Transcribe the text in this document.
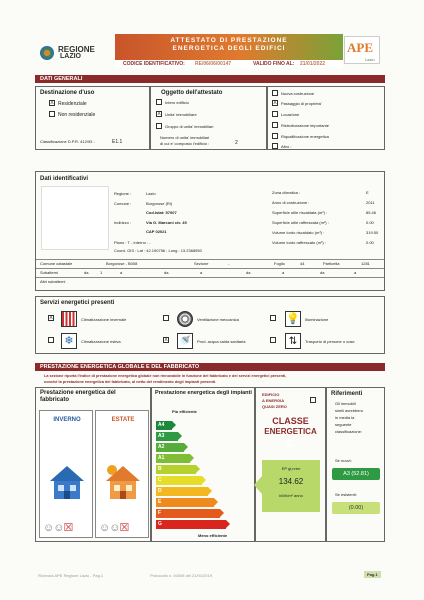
REGIONE
LAZIO
ATTESTATO DI PRESTAZIONE
ENERGETICA DEGLI EDIFICI
CODICE IDENTIFICATIVO: RE/06/06/00147	VALIDO FINO AL: 21/01/2022
APE
Lazio
DATI GENERALI
Destinazione d'uso
X Residenziale
Non residenziale
Classificazione D.P.R. 412/93 :	E1.1
Oggetto dell'attestato
Intero edificio
X	Unita' immobiliare
Gruppo di unita' immobiliari
Numero di unita' immobiliari
di cui e' composto l'edificio :	2
Nuova costruzione
X	Passaggio di proprieta'
Locazione
Ristrutturazione importante
Riqualificazione energetica
Altro :
Dati identificativi
Regione :	Lazio
Comune :	Borgorose (RI)
Cod.Istat: 57007
Indirizzo :	Via G. Marconi civ. 49
CAP 02021
Piano : T - Interno : -
Coord. GIS : Lat : 42.190756 ; Long : 13.2368950
Zona climatica :	E
Anno di costruzione :	2011
Superficie utile riscaldata (m²) :	85.46
Superficie utile raffrescata (m²) :	0.00
Volume lordo riscaldato (m³) :	319.50
Volume lordo raffrescato (m³) :	0.00
Comune catastale	Borgorose - B008	Sezione	-	Foglio	44	Particella	1281
Subalterni	da	1	a	da	a	da	a	da	a
Altri subalterni
Servizi energetici presenti
X	Climatizzazione invernale	Ventilazione meccanica	💡 Illuminazione
❄	Climatizzazione estiva	X 🚿	Prod. acqua calda sanitaria	⇅	Trasporto di persone o cose
PRESTAZIONE ENERGETICA GLOBALE E DEL FABBRICATO
La sezione riporta l'indice di prestazione energetica globale non rinnovabile in funzione del fabbricato e dei servizi energetici presenti,
nonchè la prestazione energetica del fabbricato, al netto del rendimento degli impianti presenti.
Prestazione energetica del
fabbricato
INVERNO
☺☺☒
ESTATE
☺☺☒
Prestazione energetica degli impianti
Più efficiente
A4
A3
A2
A1
B
C
D
E
F
G
Meno efficiente
EDIFICIO
A ENERGIA
QUASI ZERO
CLASSE
ENERGETICA
C
EP gl,nren
134.62
kWh/m² anno
Riferimenti
Gli immobili
simili avrebbero
in media la
seguente
classificazione:
Se nuovi:
A3 (52.81)
Se esistenti:
(0.00)
Ricevuta APE Regione Lazio - Pag.1	Protocollo n. 00008 del 21/01/2019	Pag.1
